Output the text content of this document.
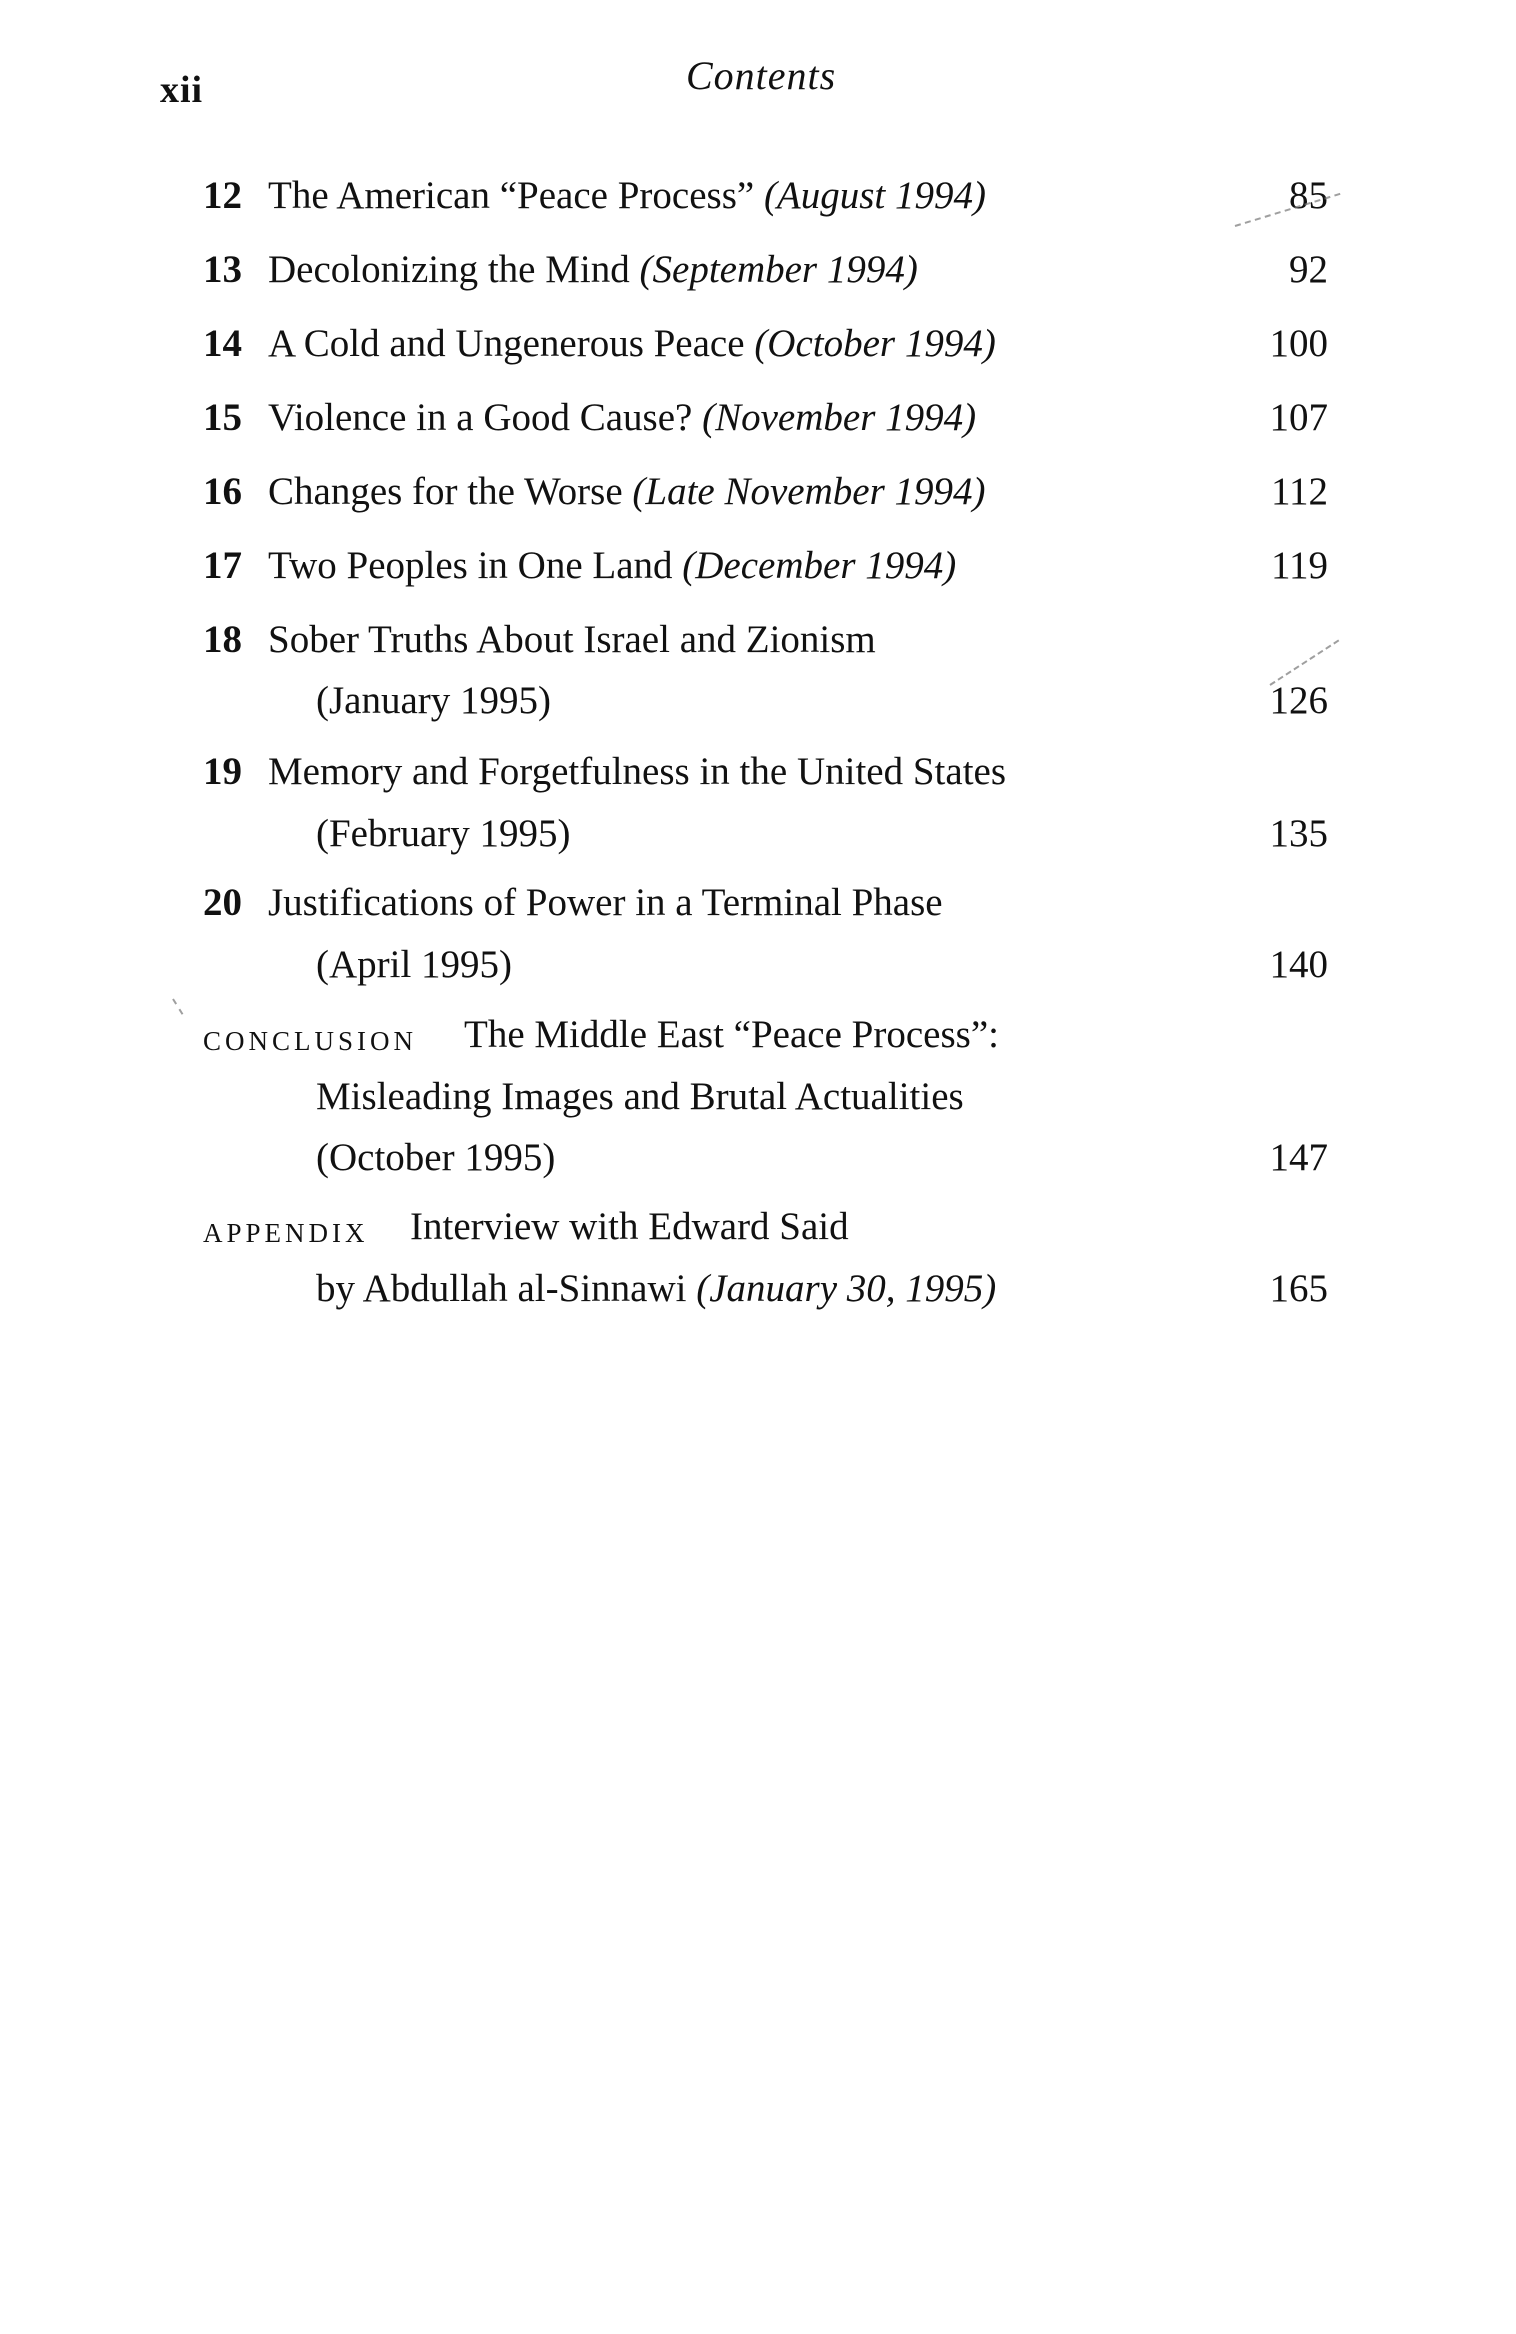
xii	Contents
12 The American “Peace Process” (August 1994)	85
13 Decolonizing the Mind (September 1994)	92
14 A Cold and Ungenerous Peace (October 1994)	100
15 Violence in a Good Cause? (November 1994)	107
16 Changes for the Worse (Late November 1994)	112
17 Two Peoples in One Land (December 1994)	119
18 Sober Truths About Israel and Zionism
(January 1995)	126
19 Memory and Forgetfulness in the United States
(February 1995)	135
20 Justifications of Power in a Terminal Phase
(April 1995)	140
CONCLUSION The Middle East “Peace Process”:
Misleading Images and Brutal Actualities
(October 1995)	147
APPENDIX Interview with Edward Said
by Abdullah al-Sinnawi (January 30, 1995)	165
